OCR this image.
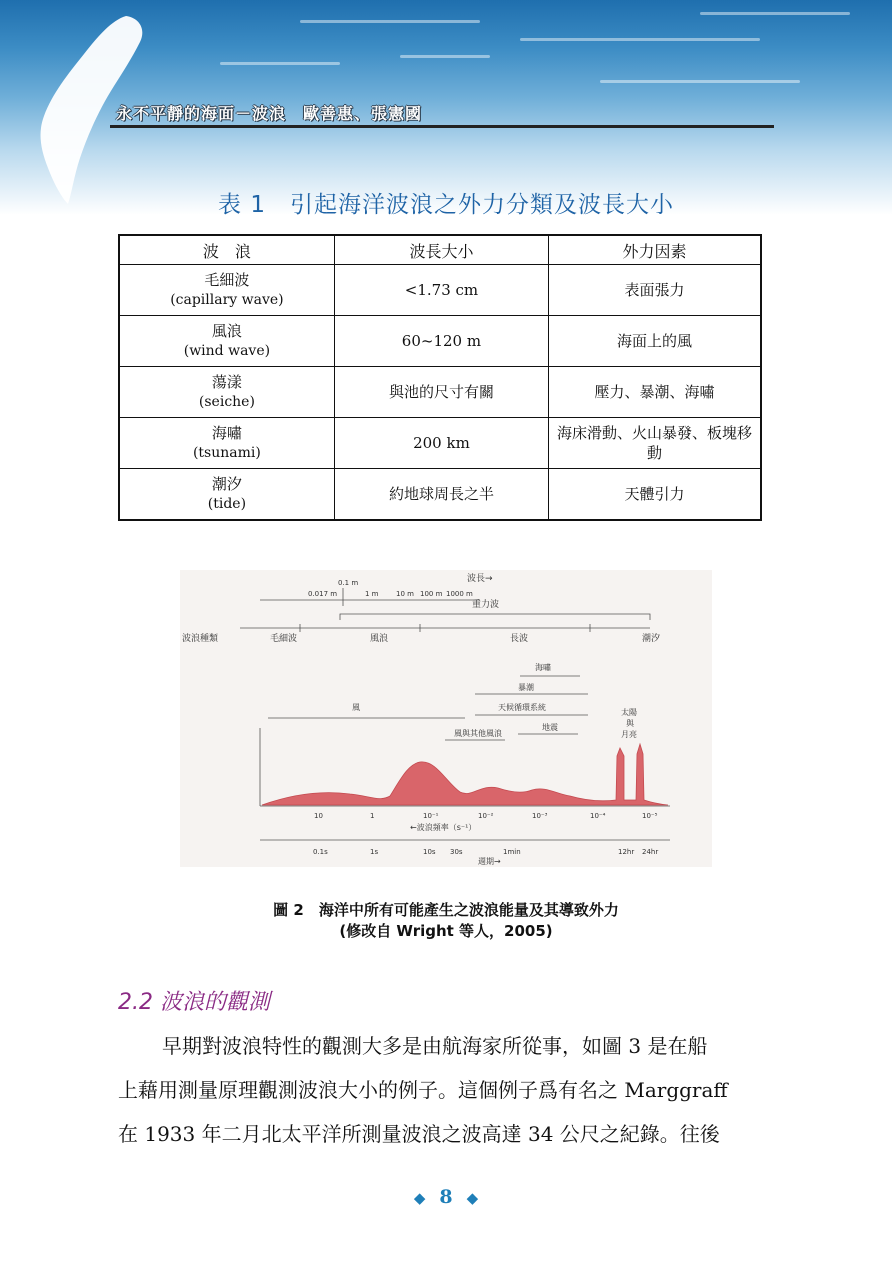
永不平靜的海面－波浪　歐善惠、張憲國
表 1　引起海洋波浪之外力分類及波長大小
波　浪	波長大小	外力因素

毛細波
(capillary wave)	<1.73 cm	表面張力

風浪
(wind wave)	60~120 m	海面上的風

蕩漾
(seiche)	與池的尺寸有關	壓力、暴潮、海嘯

海嘯
(tsunami)	200 km	海床滑動、火山暴發、板塊移動

潮汐
(tide)	約地球周長之半	天體引力
波長→
0.1 m
0.017 m	1 m	10 m 100 m 1000 m
重力波
波浪種類	毛細波	風浪	長波	潮汐
海嘯
暴潮
天候循環系統
地震
風與其他風浪
風
太陽
與
月亮
10	1	10⁻¹	10⁻²	10⁻³	10⁻⁴	10⁻⁵
←波浪頻率（s⁻¹）
0.1s	1s	10s 30s	1min	12hr 24hr
週期→
圖 2　海洋中所有可能產生之波浪能量及其導致外力
(修改自 Wright 等人，2005)
2.2 波浪的觀測

早期對波浪特性的觀測大多是由航海家所從事，如圖 3 是在船

上藉用測量原理觀測波浪大小的例子。這個例子爲有名之 Marggraff

在 1933 年二月北太平洋所測量波浪之波高達 34 公尺之紀錄。往後

◆ 8 ◆
